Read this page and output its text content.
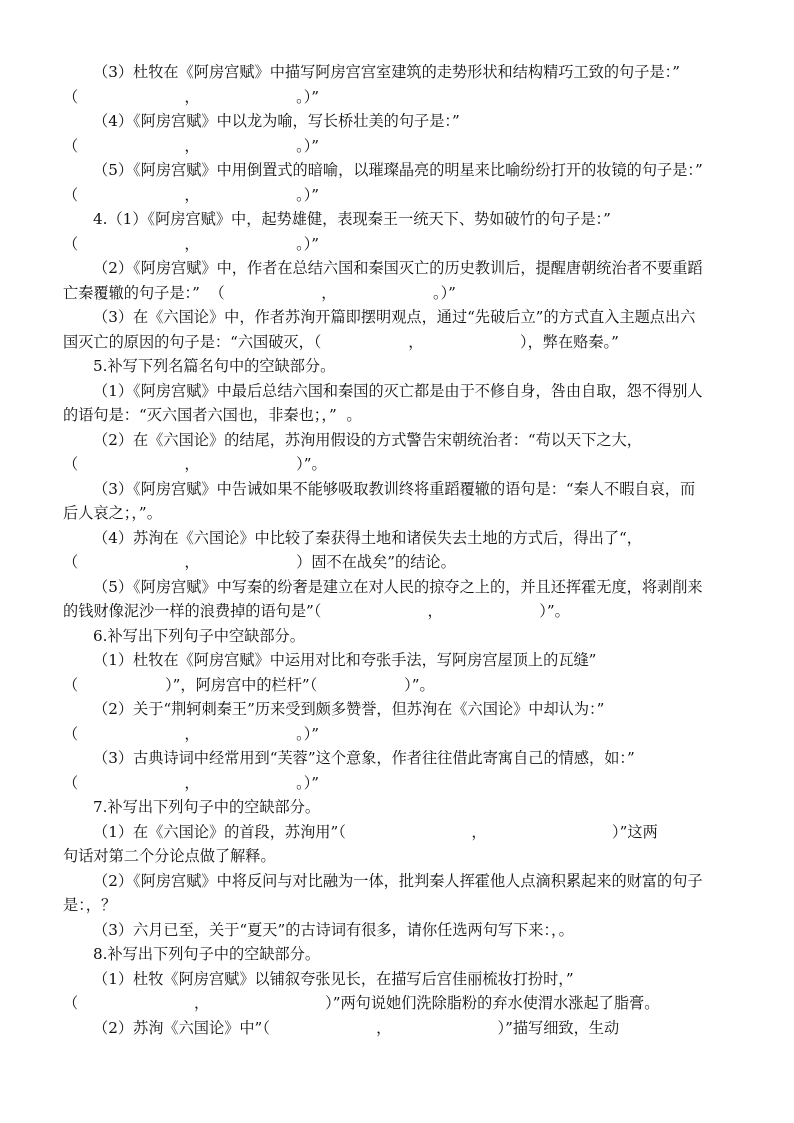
（3）杜牧在《阿房宫赋》中描写阿房宫宫室建筑的走势形状和结构精巧工致的句子是：”
（                      ，                    。）”
（4）《阿房宫赋》中以龙为喻，写长桥壮美的句子是：”
（                      ，                    。）”
（5）《阿房宫赋》中用倒置式的暗喻，以璀璨晶亮的明星来比喻纷纷打开的妆镜的句子是：”
（                      ，                    。）”
4.（1）《阿房宫赋》中，起势雄健，表现秦王一统天下、势如破竹的句子是：”
（                      ，                    。）”
（2）《阿房宫赋》中，作者在总结六国和秦国灭亡的历史教训后，提醒唐朝统治者不要重蹈
亡秦覆辙的句子是：”  （                    ，                    。）”
（3）在《六国论》中，作者苏洵开篇即摆明观点，通过“先破后立”的方式直入主题点出六
国灭亡的原因的句子是：“六国破灭，（                  ，                    ），弊在赂秦。”
5.补写下列名篇名句中的空缺部分。
（1）《阿房宫赋》中最后总结六国和秦国的灭亡都是由于不修自身，咎由自取，怨不得别人
的语句是：“灭六国者六国也，非秦也；，”  。
（2）在《六国论》的结尾，苏洵用假设的方式警告宋朝统治者：“苟以天下之大，
（                      ，                    ）”。
（3）《阿房宫赋》中告诫如果不能够吸取教训终将重蹈覆辙的语句是：“秦人不暇自哀，而
后人哀之；，”。
（4）苏洵在《六国论》中比较了秦获得土地和诸侯失去土地的方式后，得出了“，
（                      ，                    ）固不在战矣”的结论。
（5）《阿房宫赋》中写秦的纷奢是建立在对人民的掠夺之上的，并且还挥霍无度，将剥削来
的钱财像泥沙一样的浪费掉的语句是”（                      ，                    ）”。
6.补写出下列句子中空缺部分。
（1）杜牧在《阿房宫赋》中运用对比和夸张手法，写阿房宫屋顶上的瓦缝”
（                  ）”，阿房宫中的栏杆”（                  ）”。
（2）关于“荆轲刺秦王”历来受到颇多赞誉，但苏洵在《六国论》中却认为：”
（                      ，                    。）”
（3）古典诗词中经常用到“芙蓉”这个意象，作者往往借此寄寓自己的情感，如：”
（                      ，                    。）”
7.补写出下列句子中的空缺部分。
（1）在《六国论》的首段，苏洵用”（                          ，                          ）”这两
句话对第二个分论点做了解释。
（2）《阿房宫赋》中将反问与对比融为一体，批判秦人挥霍他人点滴积累起来的财富的句子
是：，？
（3）六月已至，关于“夏天”的古诗词有很多，请你任选两句写下来：，。
8.补写出下列句子中的空缺部分。
（1）杜牧《阿房宫赋》以铺叙夸张见长，在描写后宫佳丽梳妆打扮时，”
（                        ，                        ）”两句说她们洗除脂粉的弃水使渭水涨起了脂膏。
（2）苏洵《六国论》中”（                      ，                      ）”描写细致，生动
